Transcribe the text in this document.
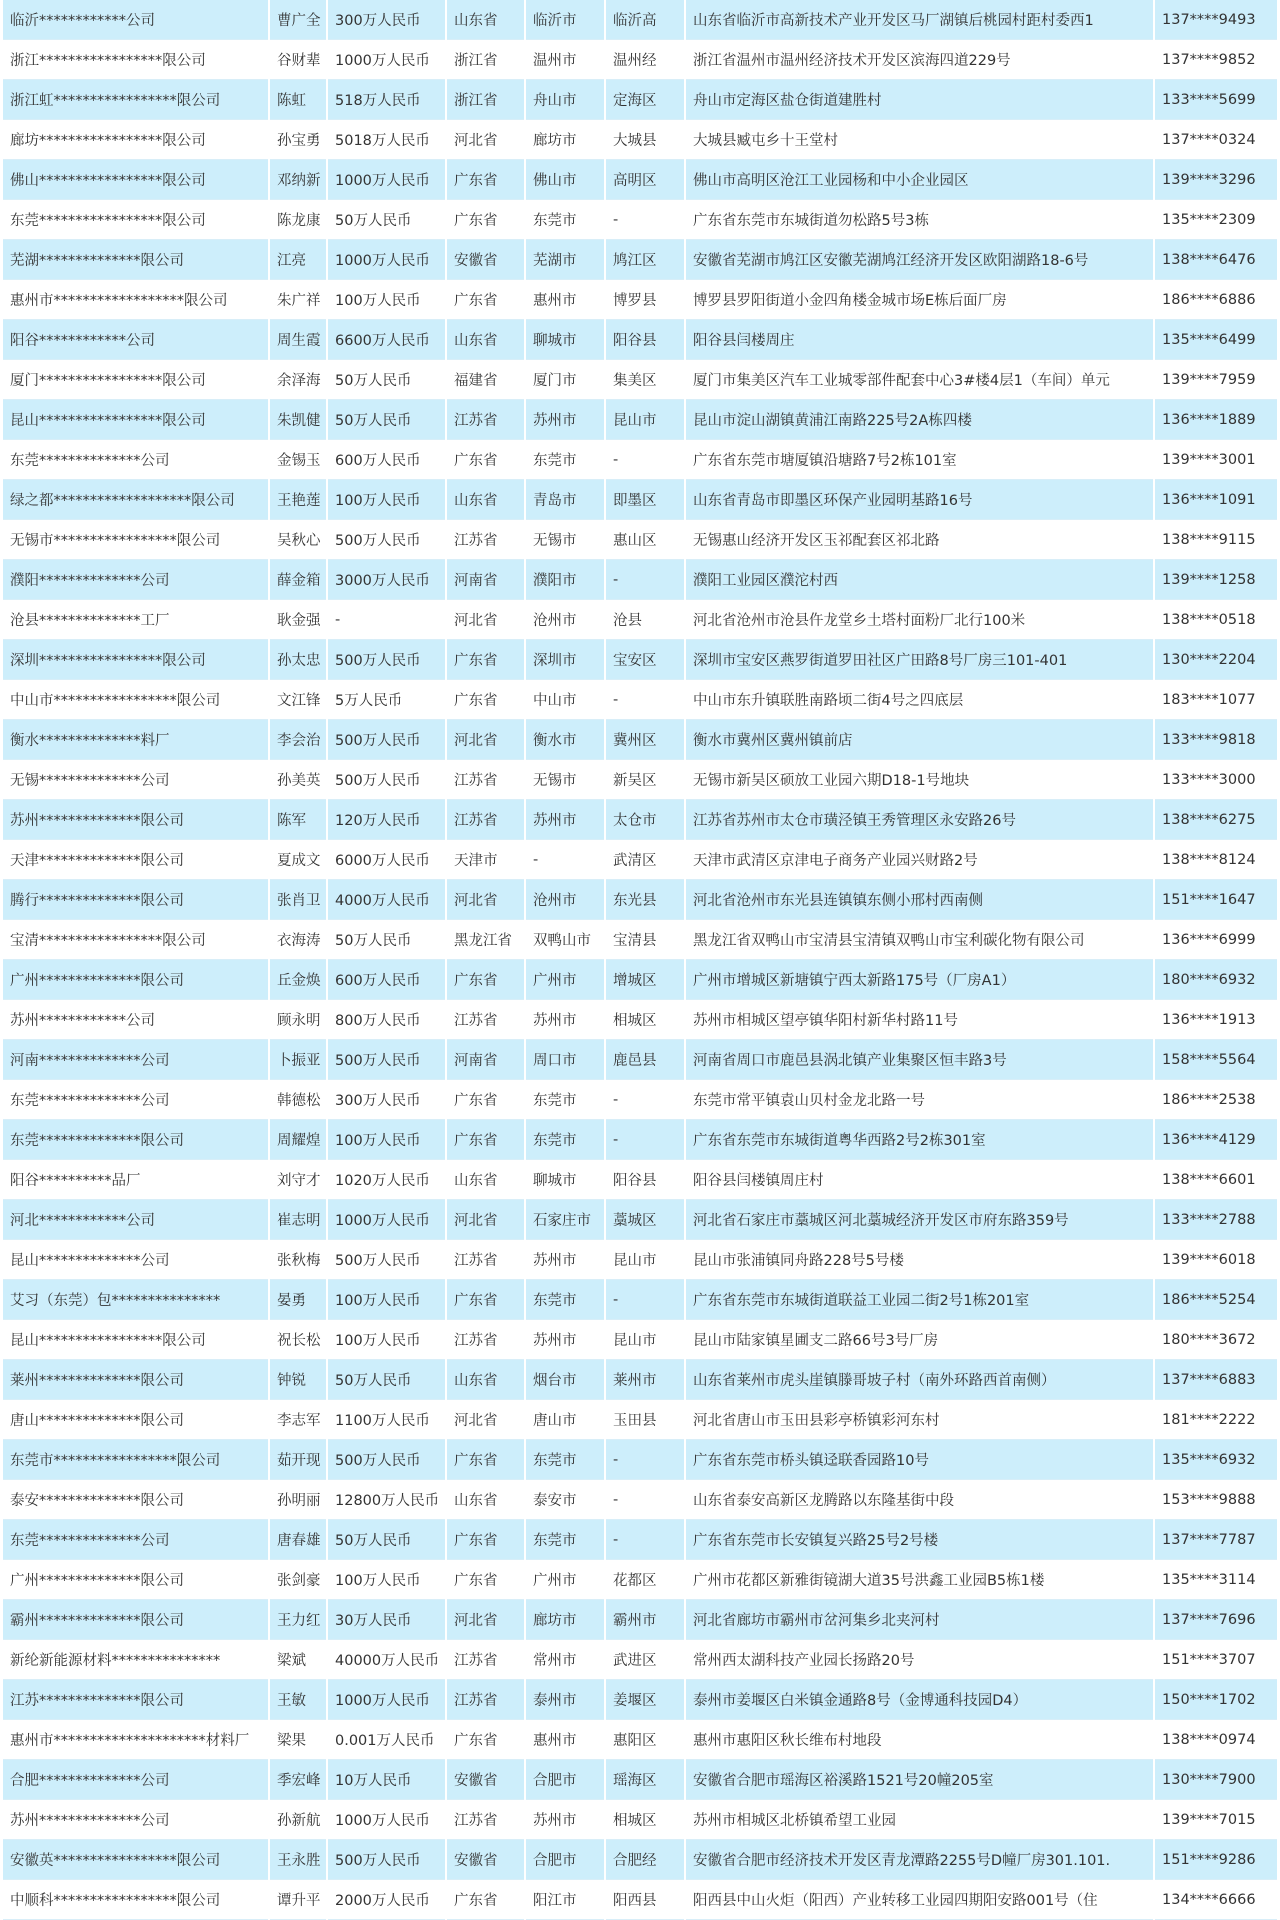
临沂************公司	曹广全	300万人民币	山东省	临沂市	临沂高	山东省临沂市高新技术产业开发区马厂湖镇后桃园村距村委西1	137****9493
浙江*****************限公司	谷财辈	1000万人民币	浙江省	温州市	温州经	浙江省温州市温州经济技术开发区滨海四道229号	137****9852
浙江虹*****************限公司	陈虹	518万人民币	浙江省	舟山市	定海区	舟山市定海区盐仓街道建胜村	133****5699
廊坊*****************限公司	孙宝勇	5018万人民币	河北省	廊坊市	大城县	大城县臧屯乡十王堂村	137****0324
佛山*****************限公司	邓纳新	1000万人民币	广东省	佛山市	高明区	佛山市高明区沧江工业园杨和中小企业园区	139****3296
东莞*****************限公司	陈龙康	50万人民币	广东省	东莞市	-	广东省东莞市东城街道勿松路5号3栋	135****2309
芜湖**************限公司	江亮	1000万人民币	安徽省	芜湖市	鸠江区	安徽省芜湖市鸠江区安徽芜湖鸠江经济开发区欧阳湖路18-6号	138****6476
惠州市******************限公司	朱广祥	100万人民币	广东省	惠州市	博罗县	博罗县罗阳街道小金四角楼金城市场E栋后面厂房	186****6886
阳谷************公司	周生霞	6600万人民币	山东省	聊城市	阳谷县	阳谷县闫楼周庄	135****6499
厦门*****************限公司	余泽海	50万人民币	福建省	厦门市	集美区	厦门市集美区汽车工业城零部件配套中心3#楼4层1（车间）单元	139****7959
昆山*****************限公司	朱凯健	50万人民币	江苏省	苏州市	昆山市	昆山市淀山湖镇黄浦江南路225号2A栋四楼	136****1889
东莞**************公司	金锡玉	600万人民币	广东省	东莞市	-	广东省东莞市塘厦镇沿塘路7号2栋101室	139****3001
绿之都*******************限公司	王艳莲	100万人民币	山东省	青岛市	即墨区	山东省青岛市即墨区环保产业园明基路16号	136****1091
无锡市*****************限公司	吴秋心	500万人民币	江苏省	无锡市	惠山区	无锡惠山经济开发区玉祁配套区祁北路	138****9115
濮阳**************公司	薛金箱	3000万人民币	河南省	濮阳市	-	濮阳工业园区濮沱村西	139****1258
沧县**************工厂	耿金强	-	河北省	沧州市	沧县	河北省沧州市沧县仵龙堂乡土塔村面粉厂北行100米	138****0518
深圳*****************限公司	孙太忠	500万人民币	广东省	深圳市	宝安区	深圳市宝安区燕罗街道罗田社区广田路8号厂房三101-401	130****2204
中山市*****************限公司	文江锋	5万人民币	广东省	中山市	-	中山市东升镇联胜南路顷二街4号之四底层	183****1077
衡水**************料厂	李会治	500万人民币	河北省	衡水市	冀州区	衡水市冀州区冀州镇前店	133****9818
无锡**************公司	孙美英	500万人民币	江苏省	无锡市	新吴区	无锡市新吴区硕放工业园六期D18-1号地块	133****3000
苏州**************限公司	陈军	120万人民币	江苏省	苏州市	太仓市	江苏省苏州市太仓市璜泾镇王秀管理区永安路26号	138****6275
天津**************限公司	夏成文	6000万人民币	天津市	-	武清区	天津市武清区京津电子商务产业园兴财路2号	138****8124
腾行**************限公司	张肖卫	4000万人民币	河北省	沧州市	东光县	河北省沧州市东光县连镇镇东侧小邢村西南侧	151****1647
宝清*****************限公司	衣海涛	50万人民币	黑龙江省	双鸭山市	宝清县	黑龙江省双鸭山市宝清县宝清镇双鸭山市宝利碳化物有限公司	136****6999
广州**************限公司	丘金焕	600万人民币	广东省	广州市	增城区	广州市增城区新塘镇宁西太新路175号（厂房A1）	180****6932
苏州************公司	顾永明	800万人民币	江苏省	苏州市	相城区	苏州市相城区望亭镇华阳村新华村路11号	136****1913
河南**************公司	卜振亚	500万人民币	河南省	周口市	鹿邑县	河南省周口市鹿邑县涡北镇产业集聚区恒丰路3号	158****5564
东莞**************公司	韩德松	300万人民币	广东省	东莞市	-	东莞市常平镇袁山贝村金龙北路一号	186****2538
东莞**************限公司	周耀煌	100万人民币	广东省	东莞市	-	广东省东莞市东城街道粤华西路2号2栋301室	136****4129
阳谷**********品厂	刘守才	1020万人民币	山东省	聊城市	阳谷县	阳谷县闫楼镇周庄村	138****6601
河北************公司	崔志明	1000万人民币	河北省	石家庄市	藁城区	河北省石家庄市藁城区河北藁城经济开发区市府东路359号	133****2788
昆山**************公司	张秋梅	500万人民币	江苏省	苏州市	昆山市	昆山市张浦镇同舟路228号5号楼	139****6018
艾习（东莞）包***************	晏勇	100万人民币	广东省	东莞市	-	广东省东莞市东城街道联益工业园二街2号1栋201室	186****5254
昆山*****************限公司	祝长松	100万人民币	江苏省	苏州市	昆山市	昆山市陆家镇星圃支二路66号3号厂房	180****3672
莱州**************限公司	钟锐	50万人民币	山东省	烟台市	莱州市	山东省莱州市虎头崖镇滕哥坡子村（南外环路西首南侧）	137****6883
唐山**************限公司	李志军	1100万人民币	河北省	唐山市	玉田县	河北省唐山市玉田县彩亭桥镇彩河东村	181****2222
东莞市*****************限公司	茹开现	500万人民币	广东省	东莞市	-	广东省东莞市桥头镇迳联香园路10号	135****6932
泰安**************限公司	孙明丽	12800万人民币	山东省	泰安市	-	山东省泰安高新区龙腾路以东隆基街中段	153****9888
东莞**************公司	唐春雄	50万人民币	广东省	东莞市	-	广东省东莞市长安镇复兴路25号2号楼	137****7787
广州**************限公司	张剑豪	100万人民币	广东省	广州市	花都区	广州市花都区新雅街镜湖大道35号洪鑫工业园B5栋1楼	135****3114
霸州**************限公司	王力红	30万人民币	河北省	廊坊市	霸州市	河北省廊坊市霸州市岔河集乡北夹河村	137****7696
新纶新能源材料***************	梁斌	40000万人民币	江苏省	常州市	武进区	常州西太湖科技产业园长扬路20号	151****3707
江苏**************限公司	王敏	1000万人民币	江苏省	泰州市	姜堰区	泰州市姜堰区白米镇金通路8号（金博通科技园D4）	150****1702
惠州市*********************材料厂	梁果	0.001万人民币	广东省	惠州市	惠阳区	惠州市惠阳区秋长维布村地段	138****0974
合肥**************公司	季宏峰	10万人民币	安徽省	合肥市	瑶海区	安徽省合肥市瑶海区裕溪路1521号20幢205室	130****7900
苏州**************公司	孙新航	1000万人民币	江苏省	苏州市	相城区	苏州市相城区北桥镇希望工业园	139****7015
安徽英*****************限公司	王永胜	500万人民币	安徽省	合肥市	合肥经	安徽省合肥市经济技术开发区青龙潭路2255号D幢厂房301.101.	151****9286
中顺科*****************限公司	谭升平	2000万人民币	广东省	阳江市	阳西县	阳西县中山火炬（阳西）产业转移工业园四期阳安路001号（住	134****6666
